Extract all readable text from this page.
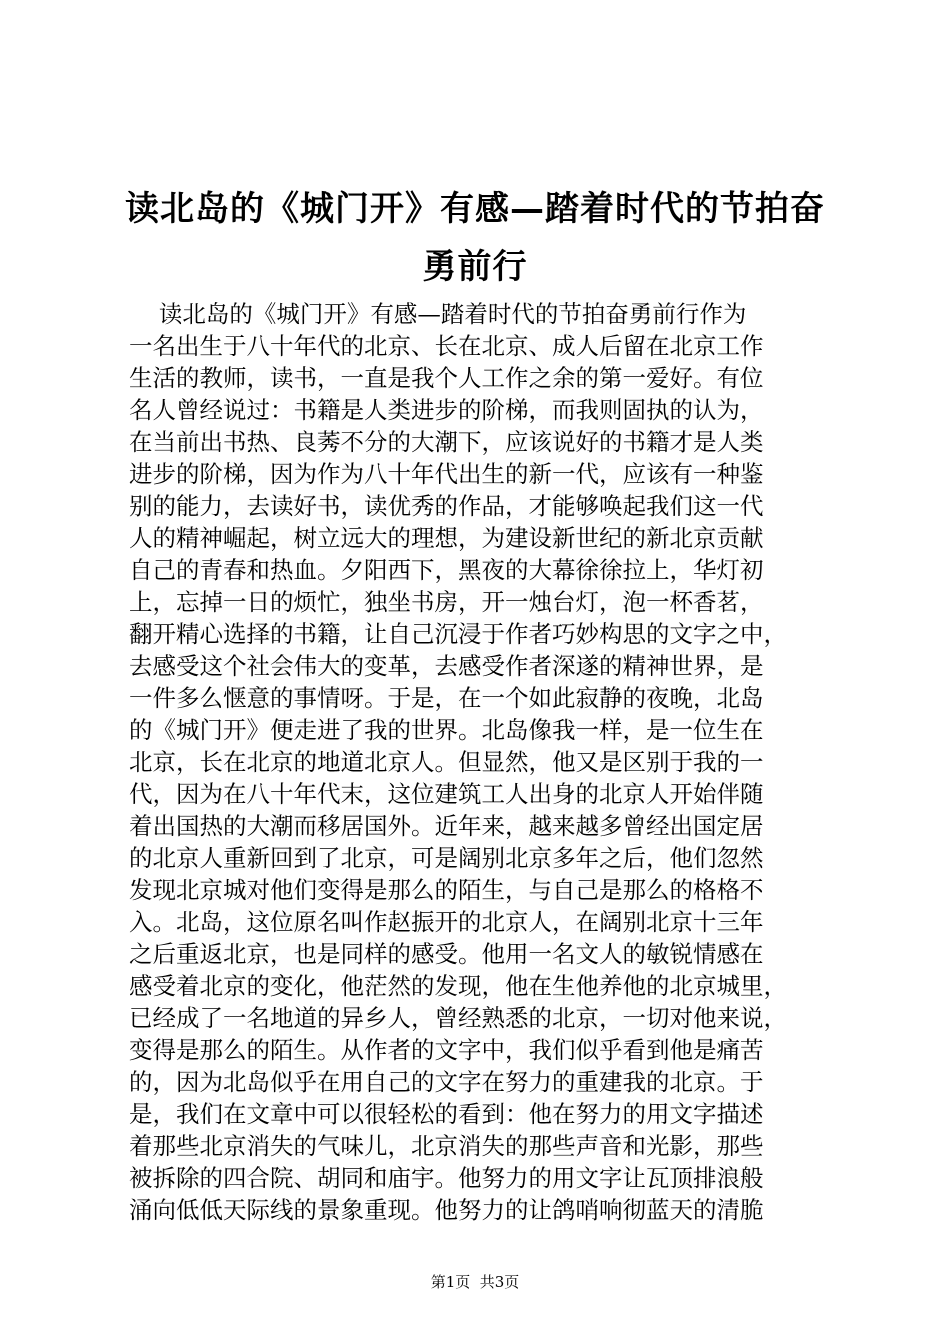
读北岛的《城门开》有感—踏着时代的节拍奋
勇前行
读北岛的《城门开》有感—踏着时代的节拍奋勇前行作为
一名出生于八十年代的北京、长在北京、成人后留在北京工作
生活的教师，读书，一直是我个人工作之余的第一爱好。有位
名人曾经说过：书籍是人类进步的阶梯，而我则固执的认为，
在当前出书热、良莠不分的大潮下，应该说好的书籍才是人类
进步的阶梯，因为作为八十年代出生的新一代，应该有一种鉴
别的能力，去读好书，读优秀的作品，才能够唤起我们这一代
人的精神崛起，树立远大的理想，为建设新世纪的新北京贡献
自己的青春和热血。夕阳西下，黑夜的大幕徐徐拉上，华灯初
上，忘掉一日的烦忙，独坐书房，开一烛台灯，泡一杯香茗，
翻开精心选择的书籍，让自己沉浸于作者巧妙构思的文字之中，
去感受这个社会伟大的变革，去感受作者深遂的精神世界，是
一件多么惬意的事情呀。于是，在一个如此寂静的夜晚，北岛
的《城门开》便走进了我的世界。北岛像我一样，是一位生在
北京，长在北京的地道北京人。但显然，他又是区别于我的一
代，因为在八十年代末，这位建筑工人出身的北京人开始伴随
着出国热的大潮而移居国外。近年来，越来越多曾经出国定居
的北京人重新回到了北京，可是阔别北京多年之后，他们忽然
发现北京城对他们变得是那么的陌生，与自己是那么的格格不
入。北岛，这位原名叫作赵振开的北京人，在阔别北京十三年
之后重返北京，也是同样的感受。他用一名文人的敏锐情感在
感受着北京的变化，他茫然的发现，他在生他养他的北京城里，
已经成了一名地道的异乡人，曾经熟悉的北京，一切对他来说，
变得是那么的陌生。从作者的文字中，我们似乎看到他是痛苦
的，因为北岛似乎在用自己的文字在努力的重建我的北京。于
是，我们在文章中可以很轻松的看到：他在努力的用文字描述
着那些北京消失的气味儿，北京消失的那些声音和光影，那些
被拆除的四合院、胡同和庙宇。他努力的用文字让瓦顶排浪般
涌向低低天际线的景象重现。他努力的让鸽哨响彻蓝天的清脆
第1页  共3页
